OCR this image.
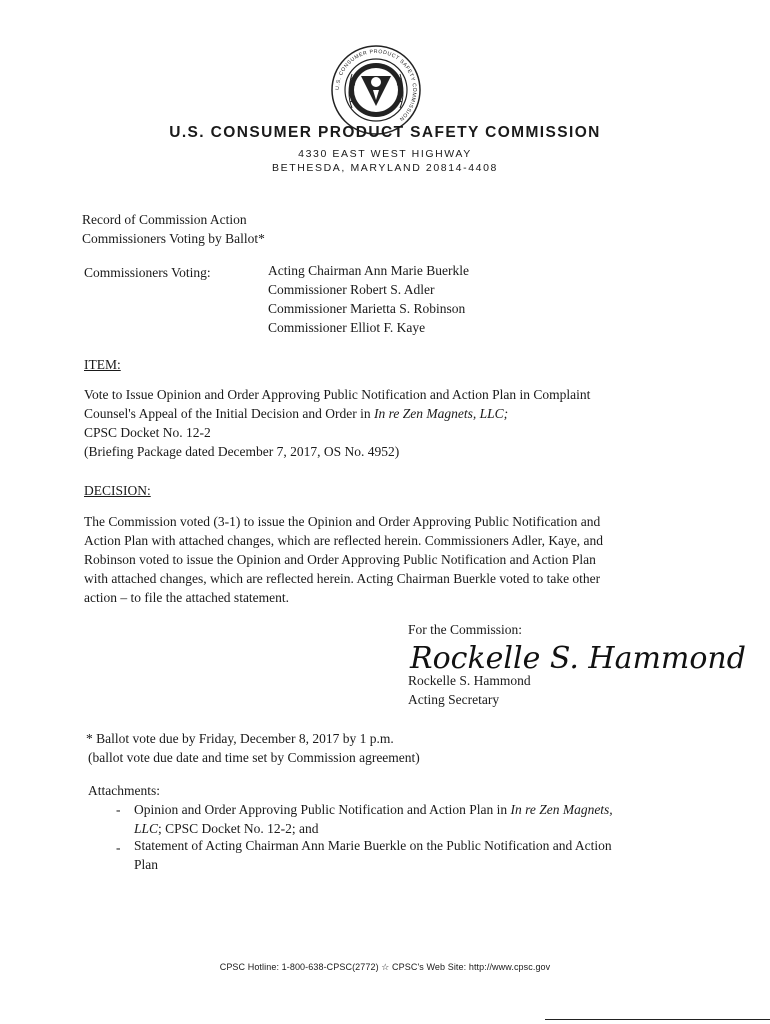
U.S. CONSUMER PRODUCT SAFETY COMMISSION
U.S. CONSUMER PRODUCT SAFETY COMMISSION
4330 EAST WEST HIGHWAY
BETHESDA, MARYLAND 20814-4408
Record of Commission Action
Commissioners Voting by Ballot*
Commissioners Voting:	Acting Chairman Ann Marie Buerkle
Commissioner Robert S. Adler
Commissioner Marietta S. Robinson
Commissioner Elliot F. Kaye
ITEM:
Vote to Issue Opinion and Order Approving Public Notification and Action Plan in Complaint
Counsel's Appeal of the Initial Decision and Order in In re Zen Magnets, LLC;
CPSC Docket No. 12-2
(Briefing Package dated December 7, 2017, OS No. 4952)
DECISION:
The Commission voted (3-1) to issue the Opinion and Order Approving Public Notification and
Action Plan with attached changes, which are reflected herein. Commissioners Adler, Kaye, and
Robinson voted to issue the Opinion and Order Approving Public Notification and Action Plan
with attached changes, which are reflected herein. Acting Chairman Buerkle voted to take other
action – to file the attached statement.
For the Commission:
Rockelle S. Hammond
Rockelle S. Hammond
Acting Secretary
* Ballot vote due by Friday, December 8, 2017 by 1 p.m.
(ballot vote due date and time set by Commission agreement)
Attachments:
- Opinion and Order Approving Public Notification and Action Plan in In re Zen Magnets,
LLC; CPSC Docket No. 12-2; and
- Statement of Acting Chairman Ann Marie Buerkle on the Public Notification and Action
Plan
CPSC Hotline: 1-800-638-CPSC(2772) ☆ CPSC's Web Site: http://www.cpsc.gov
